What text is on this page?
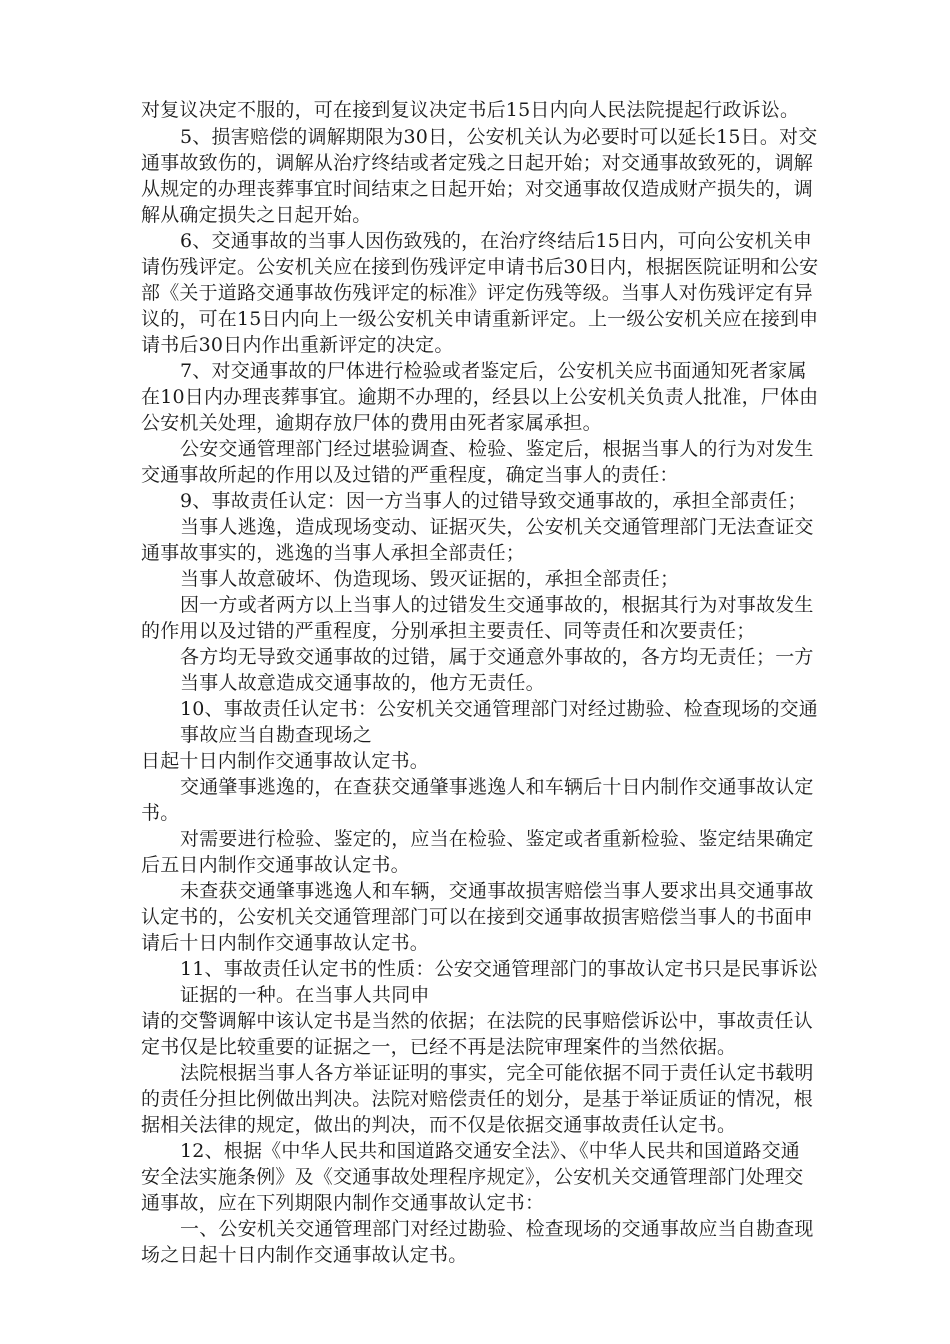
对复议决定不服的，可在接到复议决定书后15日内向人民法院提起行政诉讼。
5、损害赔偿的调解期限为30日，公安机关认为必要时可以延长15日。对交
通事故致伤的，调解从治疗终结或者定残之日起开始；对交通事故致死的，调解
从规定的办理丧葬事宜时间结束之日起开始；对交通事故仅造成财产损失的，调
解从确定损失之日起开始。
6、交通事故的当事人因伤致残的，在治疗终结后15日内，可向公安机关申
请伤残评定。公安机关应在接到伤残评定申请书后30日内，根据医院证明和公安
部《关于道路交通事故伤残评定的标准》评定伤残等级。当事人对伤残评定有异
议的，可在15日内向上一级公安机关申请重新评定。上一级公安机关应在接到申
请书后30日内作出重新评定的决定。
7、对交通事故的尸体进行检验或者鉴定后，公安机关应书面通知死者家属
在10日内办理丧葬事宜。逾期不办理的，经县以上公安机关负责人批准，尸体由
公安机关处理，逾期存放尸体的费用由死者家属承担。
公安交通管理部门经过堪验调查、检验、鉴定后，根据当事人的行为对发生
交通事故所起的作用以及过错的严重程度，确定当事人的责任：
9、事故责任认定：因一方当事人的过错导致交通事故的，承担全部责任；
当事人逃逸，造成现场变动、证据灭失，公安机关交通管理部门无法查证交
通事故事实的，逃逸的当事人承担全部责任；
当事人故意破坏、伪造现场、毁灭证据的，承担全部责任；
因一方或者两方以上当事人的过错发生交通事故的，根据其行为对事故发生
的作用以及过错的严重程度，分别承担主要责任、同等责任和次要责任；
各方均无导致交通事故的过错，属于交通意外事故的，各方均无责任；一方
当事人故意造成交通事故的，他方无责任。
10、事故责任认定书：公安机关交通管理部门对经过勘验、检查现场的交通
事故应当自勘查现场之
日起十日内制作交通事故认定书。
交通肇事逃逸的，在查获交通肇事逃逸人和车辆后十日内制作交通事故认定
书。
对需要进行检验、鉴定的，应当在检验、鉴定或者重新检验、鉴定结果确定
后五日内制作交通事故认定书。
未查获交通肇事逃逸人和车辆，交通事故损害赔偿当事人要求出具交通事故
认定书的，公安机关交通管理部门可以在接到交通事故损害赔偿当事人的书面申
请后十日内制作交通事故认定书。
11、事故责任认定书的性质：公安交通管理部门的事故认定书只是民事诉讼
证据的一种。在当事人共同申
请的交警调解中该认定书是当然的依据；在法院的民事赔偿诉讼中，事故责任认
定书仅是比较重要的证据之一，已经不再是法院审理案件的当然依据。
法院根据当事人各方举证证明的事实，完全可能依据不同于责任认定书载明
的责任分担比例做出判决。法院对赔偿责任的划分，是基于举证质证的情况，根
据相关法律的规定，做出的判决，而不仅是依据交通事故责任认定书。
12、根据《中华人民共和国道路交通安全法》、《中华人民共和国道路交通
安全法实施条例》及《交通事故处理程序规定》，公安机关交通管理部门处理交
通事故，应在下列期限内制作交通事故认定书：
一、公安机关交通管理部门对经过勘验、检查现场的交通事故应当自勘查现
场之日起十日内制作交通事故认定书。
